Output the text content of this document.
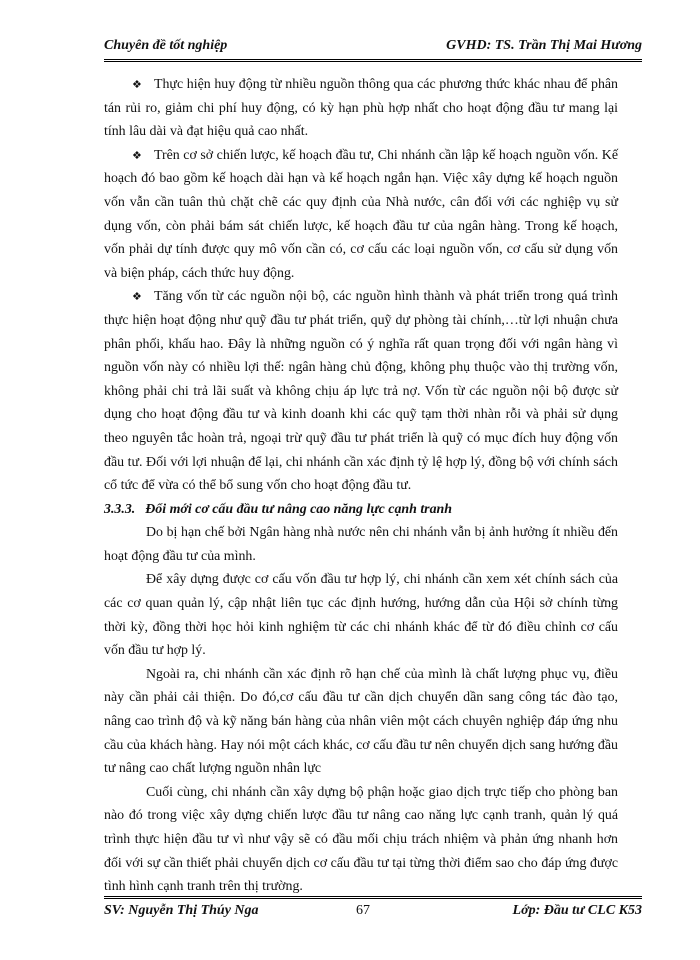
Chuyên đề tốt nghiệp	GVHD: TS. Trần Thị Mai Hương

❖ Thực hiện huy động từ nhiều nguồn thông qua các phương thức khác nhau để phân tán rủi ro, giảm chi phí huy động, có kỳ hạn phù hợp nhất cho hoạt động đầu tư mang lại tính lâu dài và đạt hiệu quả cao nhất.

❖ Trên cơ sở chiến lược, kế hoạch đầu tư, Chi nhánh cần lập kế hoạch nguồn vốn. Kế hoạch đó bao gồm kế hoạch dài hạn và kế hoạch ngắn hạn. Việc xây dựng kế hoạch nguồn vốn vẫn cần tuân thủ chặt chẽ các quy định của Nhà nước, cân đối với các nghiệp vụ sử dụng vốn, còn phải bám sát chiến lược, kế hoạch đầu tư của ngân hàng. Trong kế hoạch, vốn phải dự tính được quy mô vốn cần có, cơ cấu các loại nguồn vốn, cơ cấu sử dụng vốn và biện pháp, cách thức huy động.

❖ Tăng vốn từ các nguồn nội bộ, các nguồn hình thành và phát triển trong quá trình thực hiện hoạt động như quỹ đầu tư phát triển, quỹ dự phòng tài chính,…từ lợi nhuận chưa phân phối, khấu hao. Đây là những nguồn có ý nghĩa rất quan trọng đối với ngân hàng vì nguồn vốn này có nhiều lợi thế: ngân hàng chủ động, không phụ thuộc vào thị trường vốn, không phải chi trả lãi suất và không chịu áp lực trả nợ. Vốn từ các nguồn nội bộ được sử dụng cho hoạt động đầu tư và kinh doanh khi các quỹ tạm thời nhàn rỗi và phải sử dụng theo nguyên tắc hoàn trả, ngoại trừ quỹ đầu tư phát triển là quỹ có mục đích huy động vốn đầu tư. Đối với lợi nhuận để lại, chi nhánh cần xác định tỷ lệ hợp lý, đồng bộ với chính sách cổ tức để vừa có thể bổ sung vốn cho hoạt động đầu tư.

3.3.3. Đổi mới cơ cấu đầu tư nâng cao năng lực cạnh tranh

Do bị hạn chế bởi Ngân hàng nhà nước nên chi nhánh vẫn bị ảnh hưởng ít nhiều đến hoạt động đầu tư của mình.

Để xây dựng được cơ cấu vốn đầu tư hợp lý, chi nhánh cần xem xét chính sách của các cơ quan quản lý, cập nhật liên tục các định hướng, hướng dẫn của Hội sở chính từng thời kỳ, đồng thời học hỏi kinh nghiệm từ các chi nhánh khác để từ đó điều chỉnh cơ cấu vốn đầu tư hợp lý.

Ngoài ra, chi nhánh cần xác định rõ hạn chế của mình là chất lượng phục vụ, điều này cần phải cải thiện. Do đó,cơ cấu đầu tư cần dịch chuyển dần sang công tác đào tạo, nâng cao trình độ và kỹ năng bán hàng của nhân viên một cách chuyên nghiệp đáp ứng nhu cầu của khách hàng. Hay nói một cách khác, cơ cấu đầu tư nên chuyển dịch sang hướng đầu tư nâng cao chất lượng nguồn nhân lực

Cuối cùng, chi nhánh cần xây dựng bộ phận hoặc giao dịch trực tiếp cho phòng ban nào đó trong việc xây dựng chiến lược đầu tư nâng cao năng lực cạnh tranh, quản lý quá trình thực hiện đầu tư vì như vậy sẽ có đầu mối chịu trách nhiệm và phản ứng nhanh hơn đối với sự cần thiết phải chuyển dịch cơ cấu đầu tư tại từng thời điểm sao cho đáp ứng được tình hình cạnh tranh trên thị trường.

SV: Nguyễn Thị Thúy Nga	67	Lớp: Đầu tư CLC K53
